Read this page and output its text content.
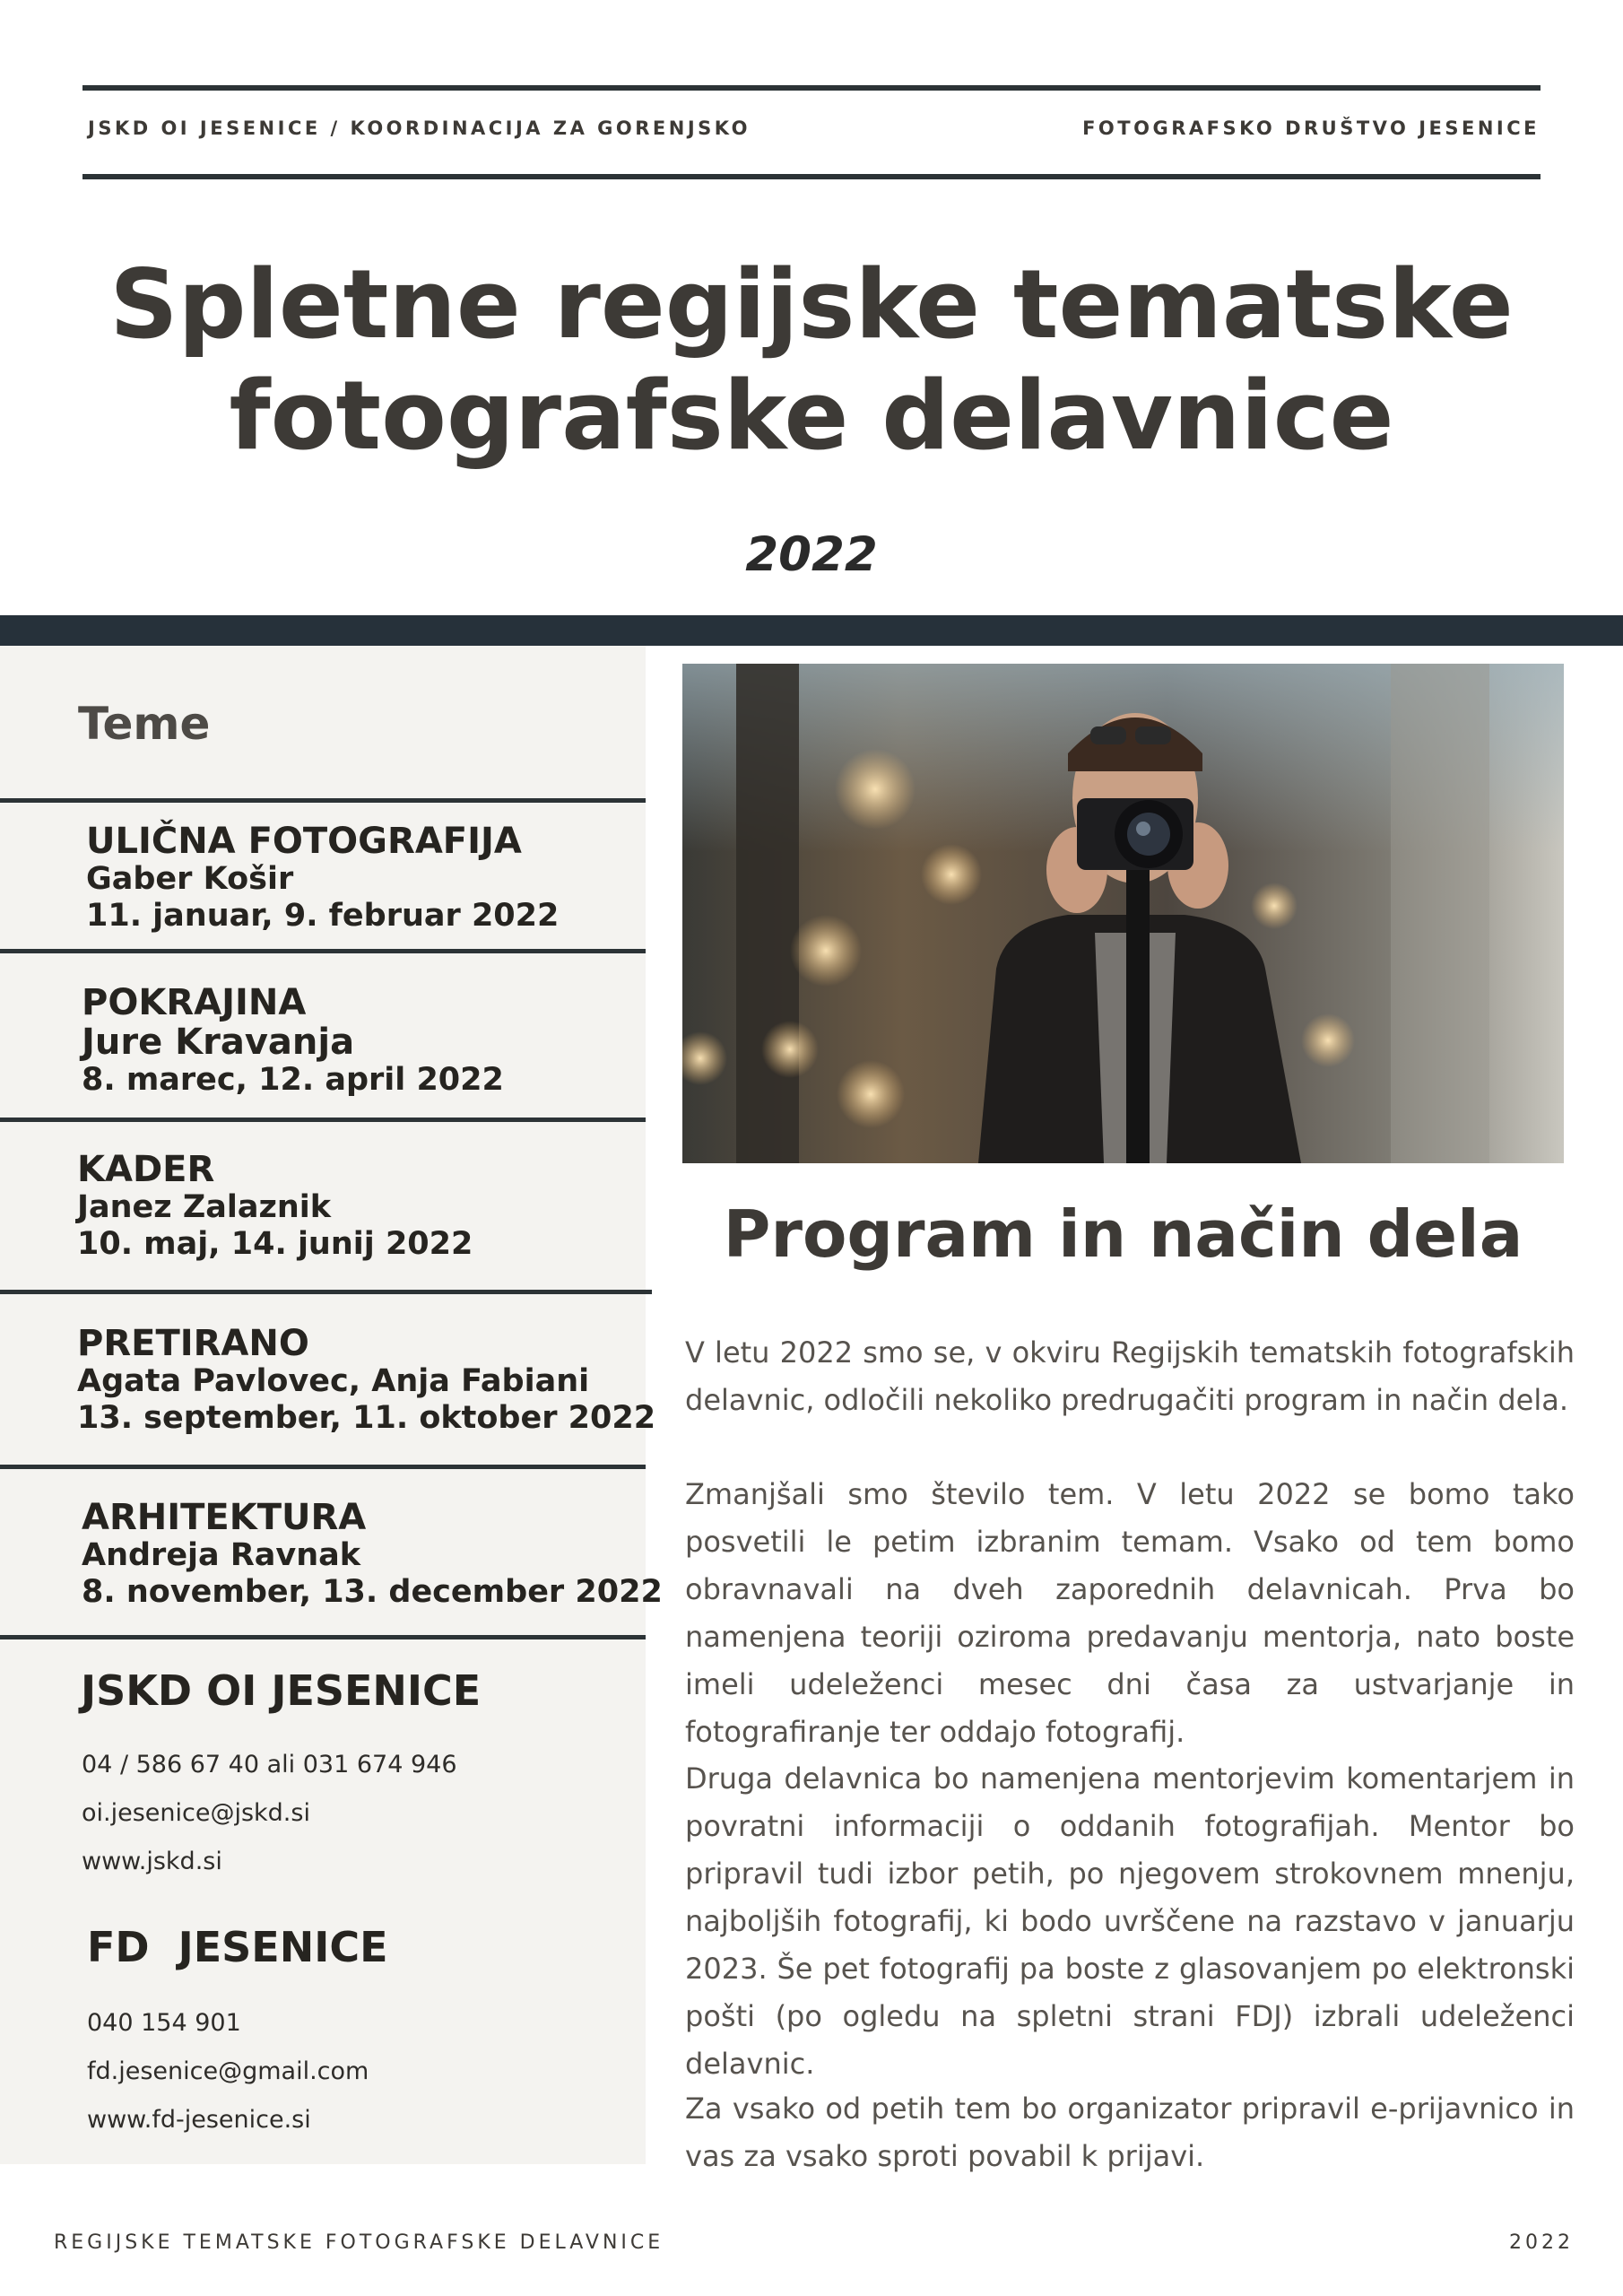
JSKD OI JESENICE / KOORDINACIJA ZA GORENJSKO	FOTOGRAFSKO DRUŠTVO JESENICE
Spletne regijske tematske
fotografske delavnice
2022
Teme
ULIČNA FOTOGRAFIJA
Gaber Košir
11. januar, 9. februar 2022
POKRAJINA
Jure Kravanja
8. marec, 12. april 2022
KADER
Janez Zalaznik
10. maj, 14. junij 2022
PRETIRANO
Agata Pavlovec, Anja Fabiani
13. september, 11. oktober 2022
ARHITEKTURA
Andreja Ravnak
8. november, 13. december 2022
JSKD OI JESENICE
04 / 586 67 40 ali 031 674 946
oi.jesenice@jskd.si
www.jskd.si
FD  JESENICE
040 154 901
fd.jesenice@gmail.com
www.fd-jesenice.si
Program in način dela

V letu 2022 smo se, v okviru Regijskih tematskih fotografskih delavnic, odločili nekoliko predrugačiti program in način dela.

Zmanjšali smo število tem. V letu 2022 se bomo tako posvetili le petim izbranim temam. Vsako od tem bomo obravnavali na dveh zaporednih delavnicah. Prva bo namenjena teoriji oziroma predavanju mentorja, nato boste imeli udeleženci mesec dni časa za ustvarjanje in fotografiranje ter oddajo fotografij.

Druga delavnica bo namenjena mentorjevim komentarjem in povratni informaciji o oddanih fotografijah. Mentor bo pripravil tudi izbor petih, po njegovem strokovnem mnenju, najboljših fotografij, ki bodo uvrščene na razstavo v januarju 2023. Še pet fotografij pa boste z glasovanjem po elektronski pošti (po ogledu na spletni strani FDJ) izbrali udeleženci delavnic.

Za vsako od petih tem bo organizator pripravil e-prijavnico in vas za vsako sproti povabil k prijavi.

REGIJSKE TEMATSKE FOTOGRAFSKE DELAVNICE	2022
